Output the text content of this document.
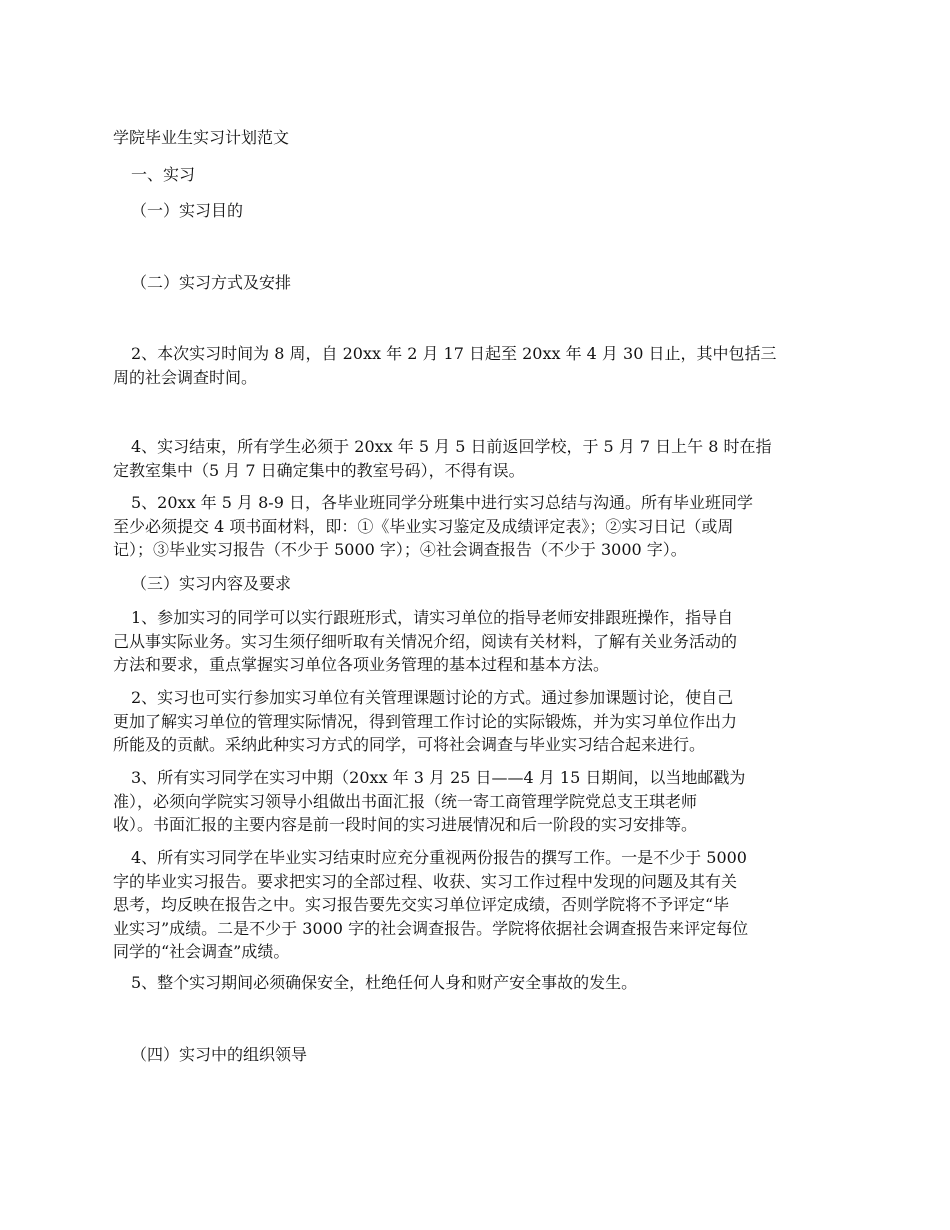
学院毕业生实习计划范文
一、实习
（一）实习目的
（二）实习方式及安排
2、本次实习时间为 8 周，自 20xx 年 2 月 17 日起至 20xx 年 4 月 30 日止，其中包括三
周的社会调查时间。
4、实习结束，所有学生必须于 20xx 年 5 月 5 日前返回学校，于 5 月 7 日上午 8 时在指
定教室集中（5 月 7 日确定集中的教室号码），不得有误。
5、20xx 年 5 月 8-9 日，各毕业班同学分班集中进行实习总结与沟通。所有毕业班同学
至少必须提交 4 项书面材料，即：①《毕业实习鉴定及成绩评定表》；②实习日记（或周
记）；③毕业实习报告（不少于 5000 字）；④社会调查报告（不少于 3000 字）。
（三）实习内容及要求
1、参加实习的同学可以实行跟班形式，请实习单位的指导老师安排跟班操作，指导自
己从事实际业务。实习生须仔细听取有关情况介绍，阅读有关材料，了解有关业务活动的
方法和要求，重点掌握实习单位各项业务管理的基本过程和基本方法。
2、实习也可实行参加实习单位有关管理课题讨论的方式。通过参加课题讨论，使自己
更加了解实习单位的管理实际情况，得到管理工作讨论的实际锻炼，并为实习单位作出力
所能及的贡献。采纳此种实习方式的同学，可将社会调查与毕业实习结合起来进行。
3、所有实习同学在实习中期（20xx 年 3 月 25 日——4 月 15 日期间，以当地邮戳为
准），必须向学院实习领导小组做出书面汇报（统一寄工商管理学院党总支王琪老师
收）。书面汇报的主要内容是前一段时间的实习进展情况和后一阶段的实习安排等。
4、所有实习同学在毕业实习结束时应充分重视两份报告的撰写工作。一是不少于 5000
字的毕业实习报告。要求把实习的全部过程、收获、实习工作过程中发现的问题及其有关
思考，均反映在报告之中。实习报告要先交实习单位评定成绩，否则学院将不予评定“毕
业实习”成绩。二是不少于 3000 字的社会调查报告。学院将依据社会调查报告来评定每位
同学的“社会调查”成绩。
5、整个实习期间必须确保安全，杜绝任何人身和财产安全事故的发生。
（四）实习中的组织领导
